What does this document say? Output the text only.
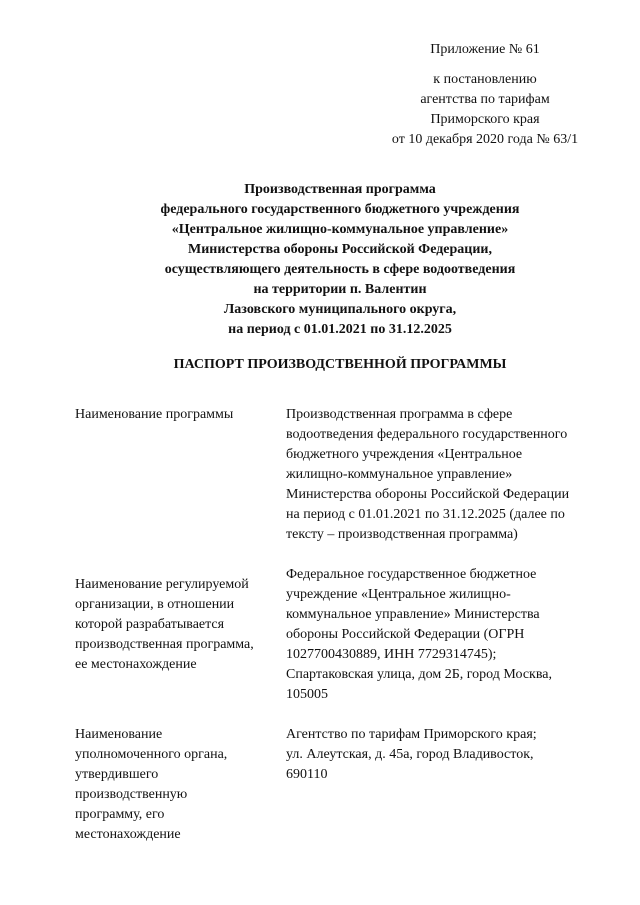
Приложение № 61
к постановлению
агентства по тарифам
Приморского края
от 10 декабря 2020 года № 63/1
Производственная программа
федерального государственного бюджетного учреждения
«Центральное жилищно-коммунальное управление»
Министерства обороны Российской Федерации,
осуществляющего деятельность в сфере водоотведения
на территории п. Валентин
Лазовского муниципального округа,
на период с 01.01.2021 по 31.12.2025
ПАСПОРТ ПРОИЗВОДСТВЕННОЙ ПРОГРАММЫ
Наименование программы	Производственная программа в сфере
водоотведения федерального государственного
бюджетного учреждения «Центральное
жилищно-коммунальное управление»
Министерства обороны Российской Федерации
на период с 01.01.2021 по 31.12.2025 (далее по
тексту – производственная программа)
Наименование регулируемой
организации, в отношении
которой разрабатывается
производственная программа,
ее местонахождение
Федеральное государственное бюджетное
учреждение «Центральное жилищно-
коммунальное управление» Министерства
обороны Российской Федерации (ОГРН
1027700430889, ИНН 7729314745);
Спартаковская улица, дом 2Б, город Москва,
105005
Наименование
уполномоченного органа,
утвердившего
производственную
программу, его
местонахождение
Агентство по тарифам Приморского края;
ул. Алеутская, д. 45а, город Владивосток,
690110
